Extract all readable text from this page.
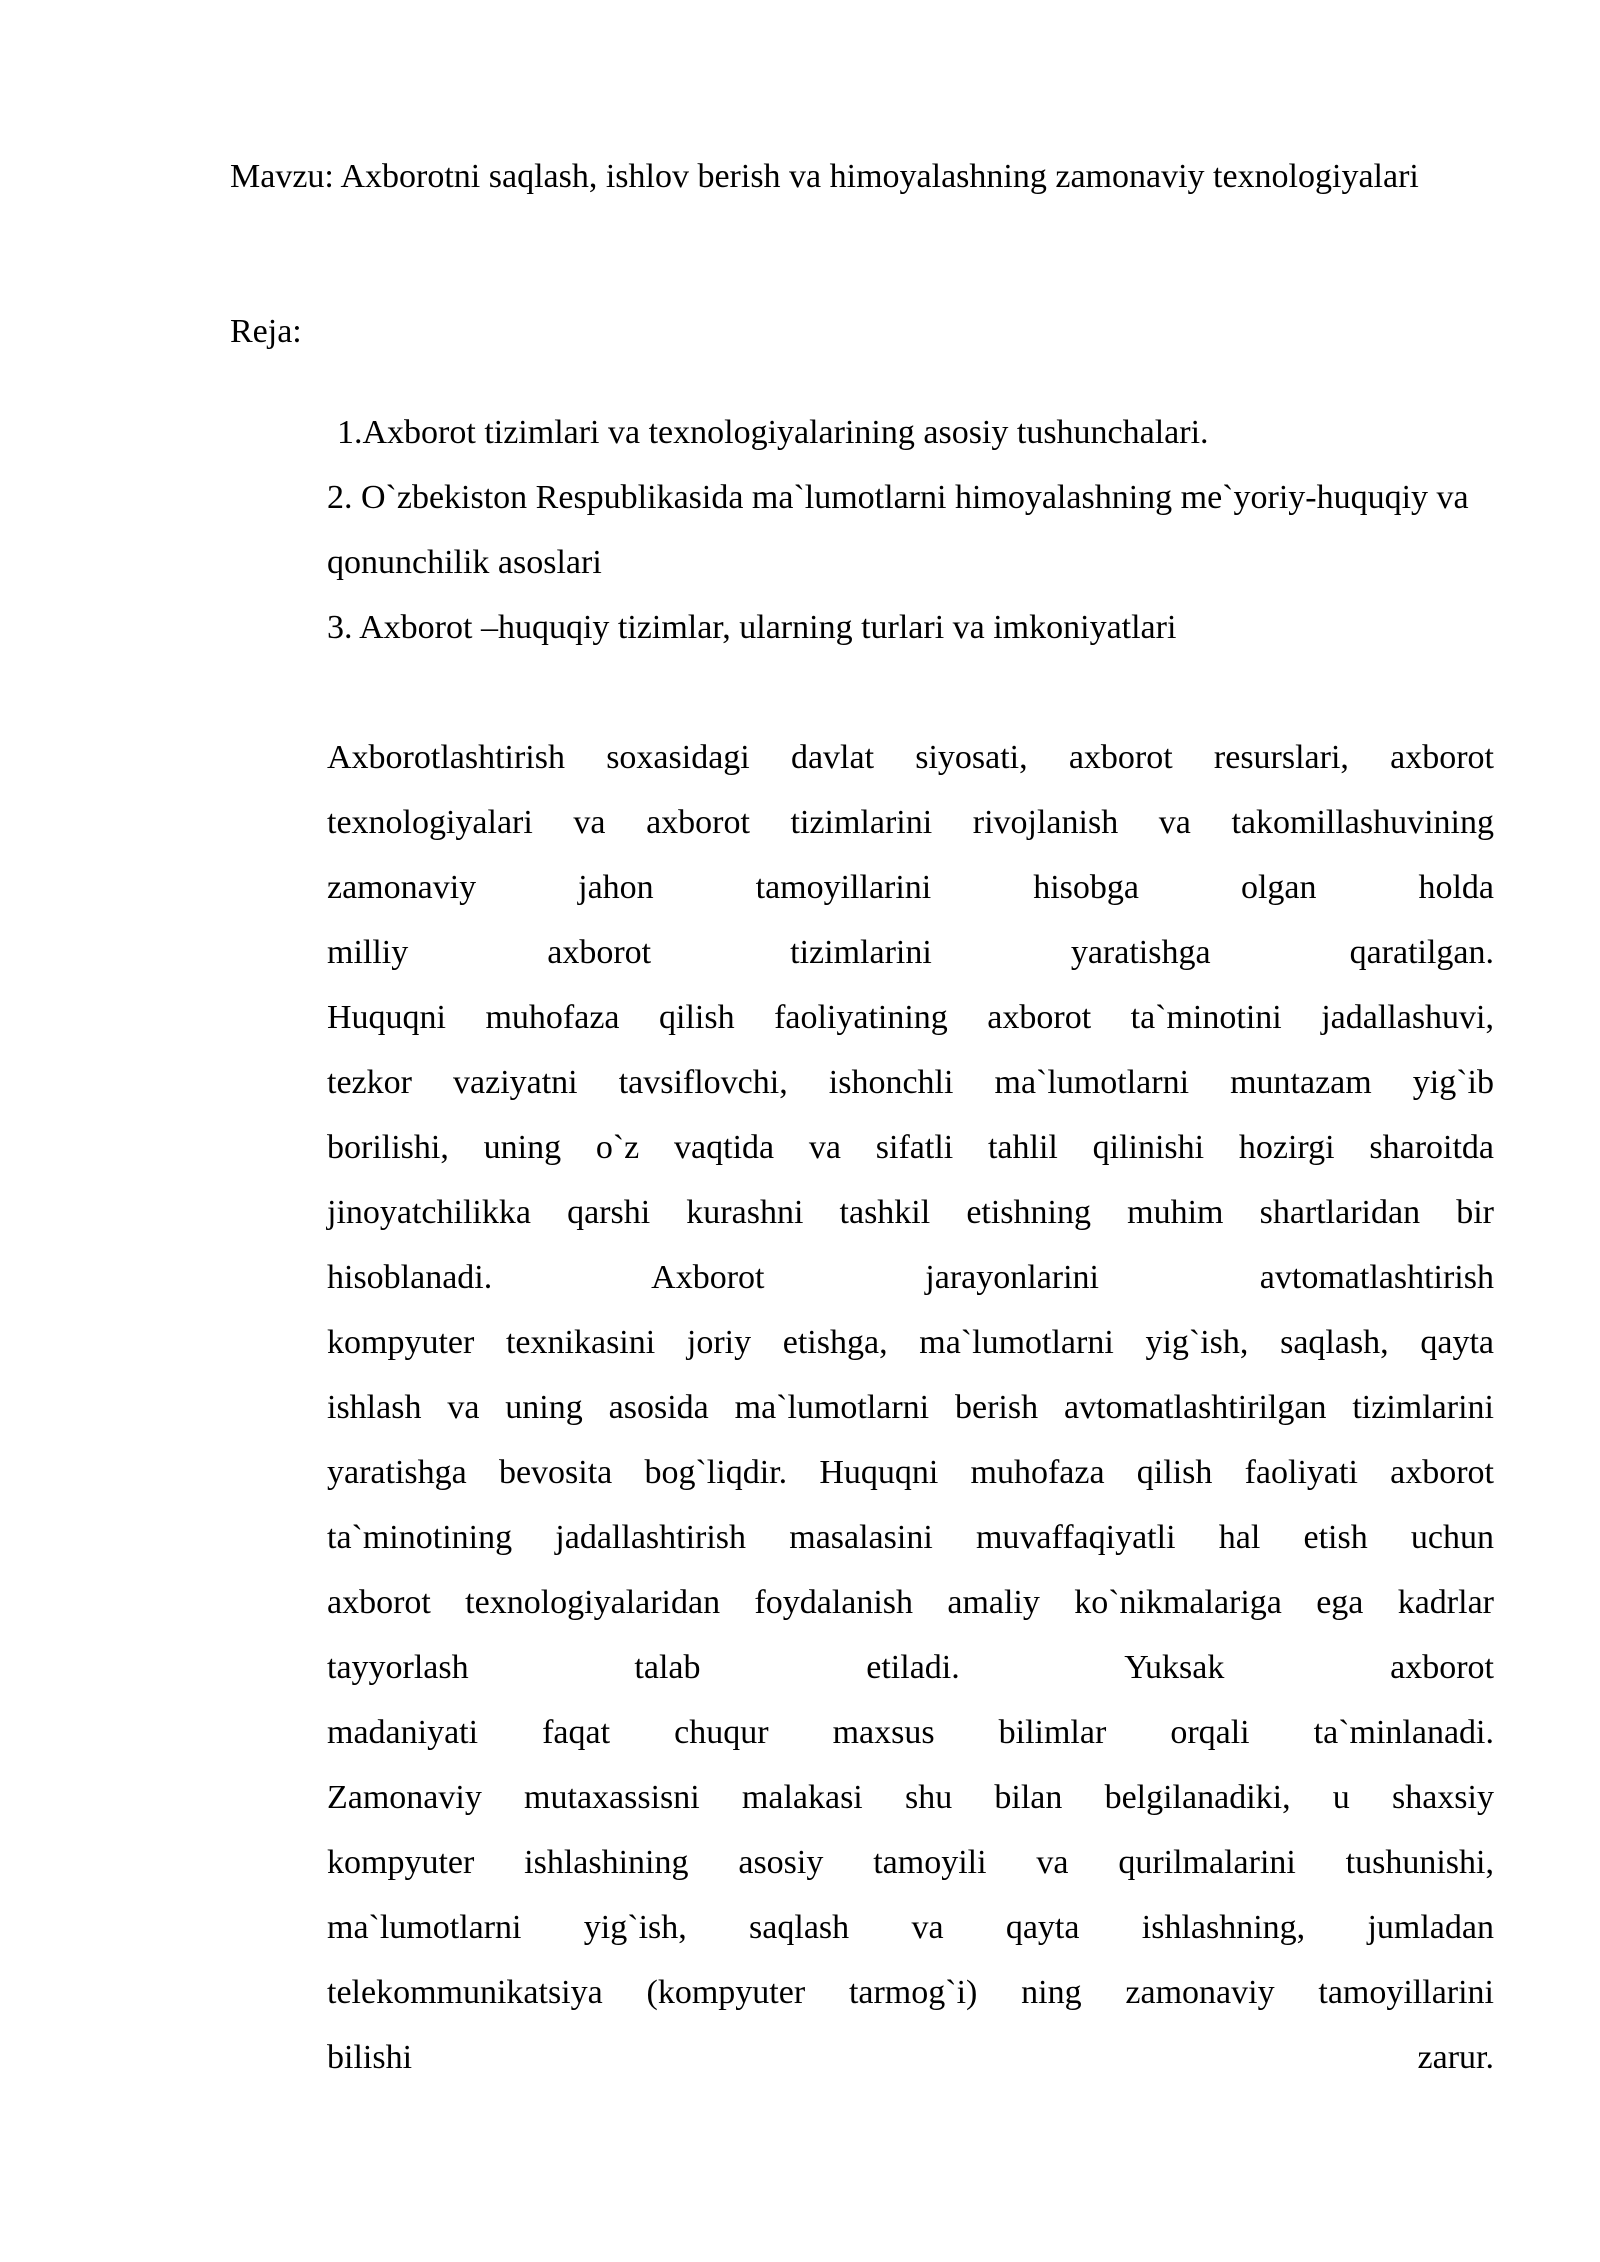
Mavzu: Axborotni saqlash, ishlov berish va himoyalashning zamonaviy texnologiyalari

Reja:

1.Axborot tizimlari va texnologiyalarining asosiy tushunchalari.
2. O`zbekiston Respublikasida ma`lumotlarni himoyalashning me`yoriy-huquqiy va qonunchilik asoslari
3. Axborot –huquqiy tizimlar, ularning turlari va imkoniyatlari
Axborotlashtirish soxasidagi davlat siyosati, axborot resurslari, axborot
texnologiyalari va axborot tizimlarini rivojlanish va takomillashuvining
zamonaviy jahon tamoyillarini hisobga olgan holda
milliy axborot tizimlarini yaratishga qaratilgan.
Huquqni muhofaza qilish faoliyatining axborot ta`minotini jadallashuvi,
tezkor vaziyatni tavsiflovchi, ishonchli ma`lumotlarni muntazam yig`ib
borilishi, uning o`z vaqtida va sifatli tahlil qilinishi hozirgi sharoitda
jinoyatchilikka qarshi kurashni tashkil etishning muhim shartlaridan bir
hisoblanadi. Axborot jarayonlarini avtomatlashtirish
kompyuter texnikasini joriy etishga, ma`lumotlarni yig`ish, saqlash, qayta
ishlash va uning asosida ma`lumotlarni berish avtomatlashtirilgan tizimlarini
yaratishga bevosita bog`liqdir. Huquqni muhofaza qilish faoliyati axborot
ta`minotining jadallashtirish masalasini muvaffaqiyatli hal etish uchun
axborot texnologiyalaridan foydalanish amaliy ko`nikmalariga ega kadrlar
tayyorlash talab etiladi. Yuksak axborot
madaniyati faqat chuqur maxsus bilimlar orqali ta`minlanadi.
Zamonaviy mutaxassisni malakasi shu bilan belgilanadiki, u shaxsiy
kompyuter ishlashining asosiy tamoyili va qurilmalarini tushunishi,
ma`lumotlarni yig`ish, saqlash va qayta ishlashning, jumladan
telekommunikatsiya (kompyuter tarmog`i) ning zamonaviy tamoyillarini
bilishi zarur.
